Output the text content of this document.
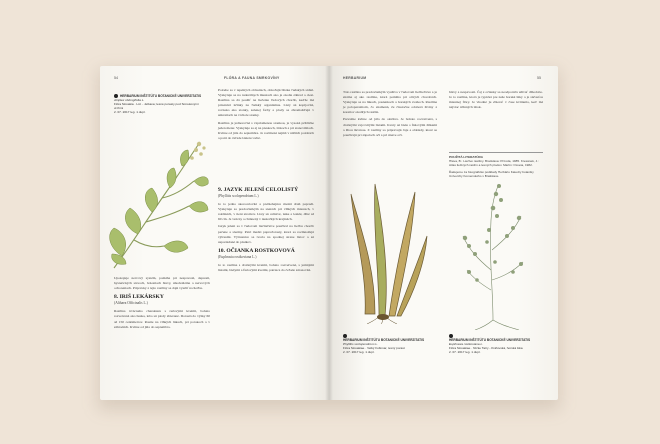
54	FLÓRA A FAUNA SMRKOVÍNY
HERBARIUM INŠTITÚTU BOTANICKÉ UNIVERZITATIS
Atriplex oblongifolia L.
Flóra Slovakia · Lid. - Jelšava; lesné porasty pod Smrekovými vrchmi
2. 07. 2017 leg. 1 dupl.

Potrebe sa v tepelných oblastiach, obkoľujú blízke ľudských sídiel. Vyskytuje sa na ruderálnych miestach ako je okolie záhrad a ciest. Rastlina sa dá použiť na liečenie ľudových chorôb, keďže má priaznivé účinky na ľudský organizmus. Listy sú kopijovité, rovnako ako stonky, zelenej farby a plody sa zhromažďujú v súkvetiach na vrchole stonky.

Rastlina je jednoročná s vzpriamenou stonkou, je vysoká približne jeden meter. Vyskytuje sa aj na pieskoch, štrkoch a pri stanovištiach. Kvitne od júla do septembra. Je rozšírená najmä v nižších polohách a patrí do čeľade láskavcovité.

Upokojuje nervový systém, pomáha pri nespavosti, depresii, hysterických stavoch, bolestiach hlavy, alkoholizme a nervových ochoreniach. Prípravky z tejto rastliny sa dajú využiť na liečbu.

8. IRIŠ LEKÁRSKY
(Althaea Officinalis L.)

Rastlina trvácneho charakteru s ružovými kvetmi, bohato rozvetvená ako lieska, lebo sú plody zbierané. Dorastá do výšky 60 až 150 centimetrov. Rastie na vlhkých lúkach, pri potokoch a v záhradách. Kvitne od júla do septembra.

9. JAZYK JELENÍ CELOLISTÝ
(Phyllitis scolopendrium L.)

Je to jedno skorocelovité a prebiehajúce menší druh papradí. Vyskytuje sa predovšetkým na stenách pri vlhkých miestach, v roklinách, v tieni stromov. Listy sú celistvé, úzke a lesklé, dlhé až 60 cm. Je vzácny a chránený v niekoľkých krajinách.

Jazyk jelení sa v ľudovom liečiteľstve používal na liečbu chorôb pečene a sleziny. Patrí medzi papraďorasty, ktoré sa rozmnožujú výtrusmi. Výtrusnice sa tvoria na spodnej strane listov a sú usporiadané do pásikov.

10. OČIANKA ROSTKOVOVÁ
(Euphrasia rostkoviana L.)

Je to rastlina s drobnými kvetmi, bohato rozvetvená, s jemnými listami, bielymi a fialovými kvetmi, patriaca do čeľade zárazovité.

HERBARIUM	55

Táto rastlina sa predovšetkým využíva v ľudovom liečiteľstve a je známa aj ako rastlina, ktorá pomáha pri očných chorobách. Vyskytuje sa na lúkach, pasienkoch a horských svahoch. Rastlina je poloparazitom, čo znamená, že čiastočne odoberá živiny z koreňov okolitých rastlín.

Prevažne kvitne od júla do októbra. Je bohato rozvetvená, s drobnými vajcovitými listami. Kvety sú biele s fialovými žilkami a žltou škvrnou. Z rastliny sa pripravujú čaje a obklady, ktoré sa používajú pri zápaloch očí a pri únave očí.

hlavy a nespavosti. Čaj z očianky sa neodporúča užívať dlhodobo. Je to rastlina, ktorá je typická pre naše horské lúky a je súčasťou miestnej flóry. Je vhodné ju zbierať v čase kvitnutia, keď má najviac účinných látok.

POUŽITÁ LITERATÚRA
Hlava, B.: Liečivé rastliny. Bratislava: Príroda, 1985. Kresánek, J.: Atlas liečivých rastlín a lesných plodov. Martin: Osveta, 1982.
Ďakujeme za fotografické podklady Herbáriu Katedry botaniky Univerzity Komenského v Bratislave.
HERBARIUM INŠTITÚTU BOTANICKÉ UNIVERZITATIS
Phyllitis scolopendrium L.
Flóra Slovakiae · Velký Folkmar, lesný porast
2. 07. 2017 leg. 1 dupl.
HERBARIUM INŠTITÚTU BOTANICKÉ UNIVERZITATIS
Euphrasia rostkoviana L.
Flóra Slovakiae · Nízke Tatry - Kráľovská, horská lúka
2. 07. 2017 leg. 1 dupl.
